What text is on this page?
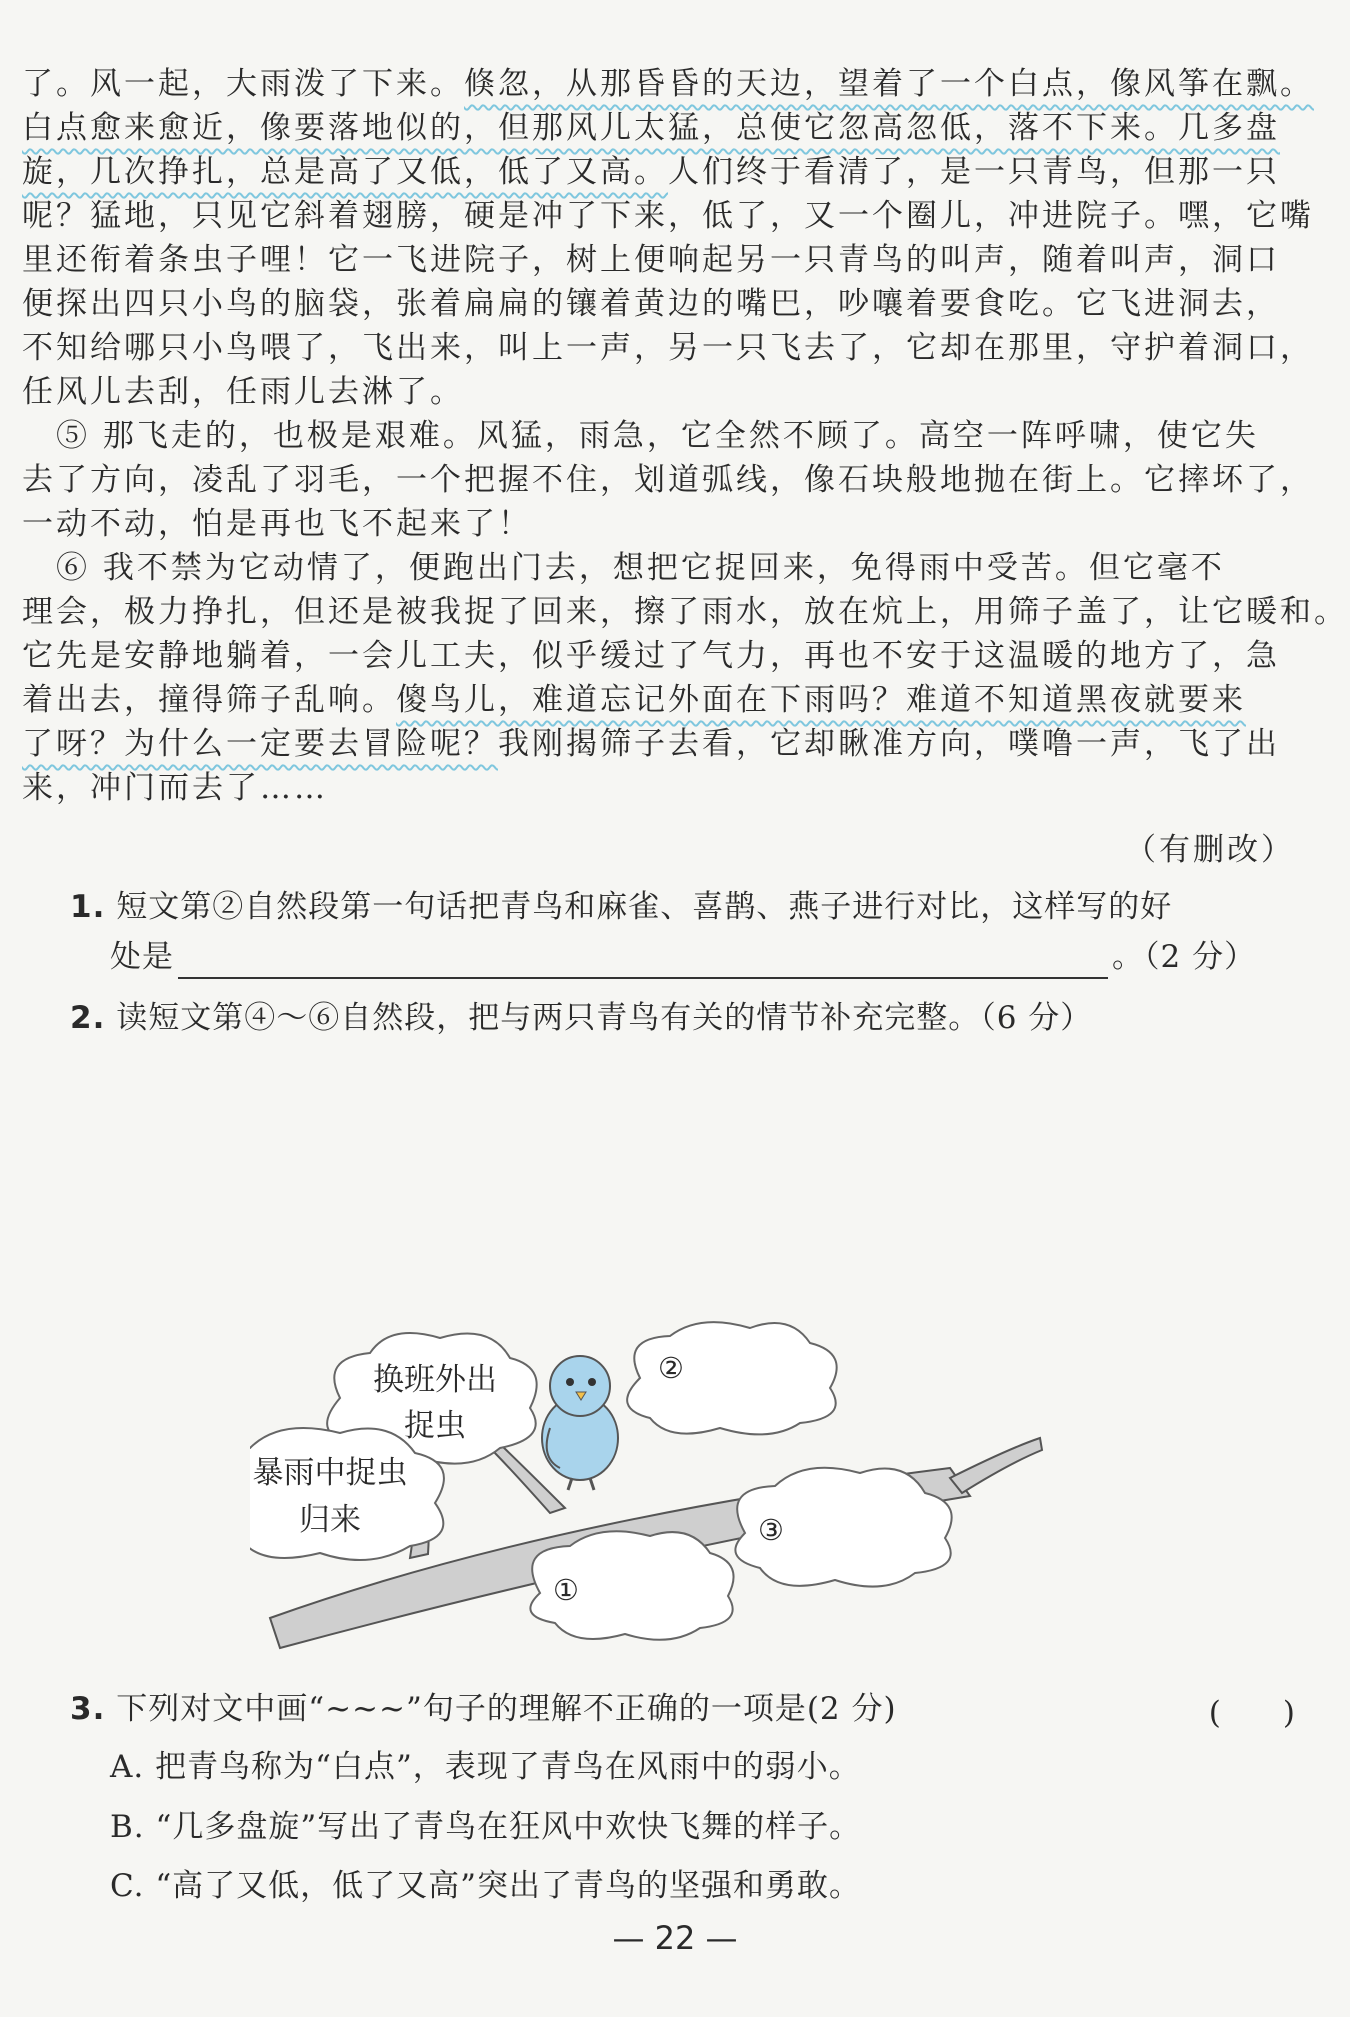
了。风一起，大雨泼了下来。倏忽，从那昏昏的天边，望着了一个白点，像风筝在飘。
白点愈来愈近，像要落地似的，但那风儿太猛，总使它忽高忽低，落不下来。几多盘
旋，几次挣扎，总是高了又低，低了又高。人们终于看清了，是一只青鸟，但那一只
呢？猛地，只见它斜着翅膀，硬是冲了下来，低了，又一个圈儿，冲进院子。嘿，它嘴
里还衔着条虫子哩！它一飞进院子，树上便响起另一只青鸟的叫声，随着叫声，洞口
便探出四只小鸟的脑袋，张着扁扁的镶着黄边的嘴巴，吵嚷着要食吃。它飞进洞去，
不知给哪只小鸟喂了，飞出来，叫上一声，另一只飞去了，它却在那里，守护着洞口，
任风儿去刮，任雨儿去淋了。
　⑤ 那飞走的，也极是艰难。风猛，雨急，它全然不顾了。高空一阵呼啸，使它失
去了方向，凌乱了羽毛，一个把握不住，划道弧线，像石块般地抛在街上。它摔坏了，
一动不动，怕是再也飞不起来了！
　⑥ 我不禁为它动情了，便跑出门去，想把它捉回来，免得雨中受苦。但它毫不
理会，极力挣扎，但还是被我捉了回来，擦了雨水，放在炕上，用筛子盖了，让它暖和。
它先是安静地躺着，一会儿工夫，似乎缓过了气力，再也不安于这温暖的地方了，急
着出去，撞得筛子乱响。傻鸟儿，难道忘记外面在下雨吗？难道不知道黑夜就要来
了呀？为什么一定要去冒险呢？我刚揭筛子去看，它却瞅准方向，噗噜一声，飞了出
来，冲门而去了……
（有删改）
1. 短文第②自然段第一句话把青鸟和麻雀、喜鹊、燕子进行对比，这样写的好
处是	。（2 分）
2. 读短文第④～⑥自然段，把与两只青鸟有关的情节补充完整。（6 分）
换班外出
捉虫
暴雨中捉虫
归来
②
③
①
3. 下列对文中画“~~~”句子的理解不正确的一项是(2 分)	(　　)
A. 把青鸟称为“白点”，表现了青鸟在风雨中的弱小。
B. “几多盘旋”写出了青鸟在狂风中欢快飞舞的样子。
C. “高了又低，低了又高”突出了青鸟的坚强和勇敢。
— 22 —
